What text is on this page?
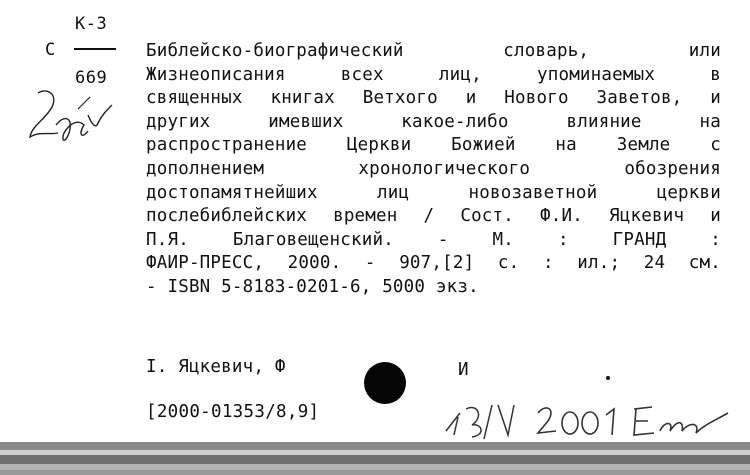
К-3
С
669
Библейско-биографический словарь, или
Жизнеописания всех лиц, упоминаемых в
священных книгах Ветхого и Нового Заветов, и
других имевших какое-либо влияние на
распространение Церкви Божией на Земле с
дополнением хронологического обозрения
достопамятнейших лиц новозаветной церкви
послебиблейских времен / Сост. Ф.И. Яцкевич и
П.Я. Благовещенский. - М. : ГРАНД :
ФАИР-ПРЕСС, 2000. - 907,[2] с. : ил.; 24 см.
- ISBN 5-8183-0201-6, 5000 экз.
I. Яцкевич, Ф	И
[2000-01353/8,9]
